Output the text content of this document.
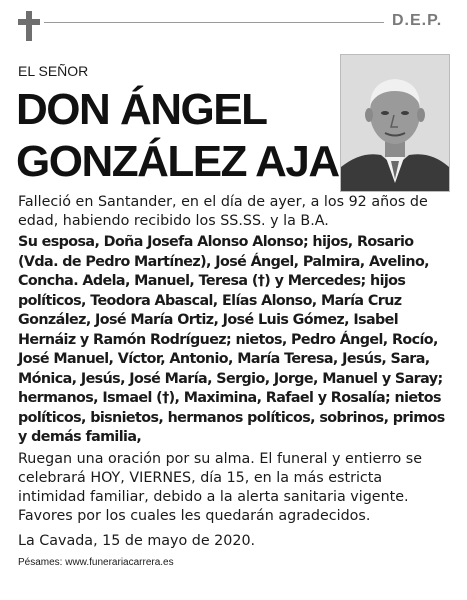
D.E.P.
EL SEÑOR
DON ÁNGEL
GONZÁLEZ AJA

Falleció en Santander, en el día de ayer, a los 92 años de edad, habiendo recibido los SS.SS. y la B.A.

Su esposa, Doña Josefa Alonso Alonso; hijos, Rosario (Vda. de Pedro Martínez), José Ángel, Palmira, Avelino, Concha. Adela, Manuel, Teresa (†) y Mercedes; hijos políticos, Teodora Abascal, Elías Alonso, María Cruz González, José María Ortiz, José Luis Gómez, Isabel Hernáiz y Ramón Rodríguez; nietos, Pedro Ángel, Rocío, José Manuel, Víctor, Antonio, María Teresa, Jesús, Sara, Mónica, Jesús, José María, Sergio, Jorge, Manuel y Saray; hermanos, Ismael (†), Maximina, Rafael y Rosalía; nietos políticos, bisnietos, hermanos políticos, sobrinos, primos y demás familia,

Ruegan una oración por su alma. El funeral y entierro se celebrará HOY, VIERNES, día 15, en la más estricta intimidad familiar, debido a la alerta sanitaria vigente. Favores por los cuales les quedarán agradecidos.

La Cavada, 15 de mayo de 2020.

Pésames: www.funerariacarrera.es
